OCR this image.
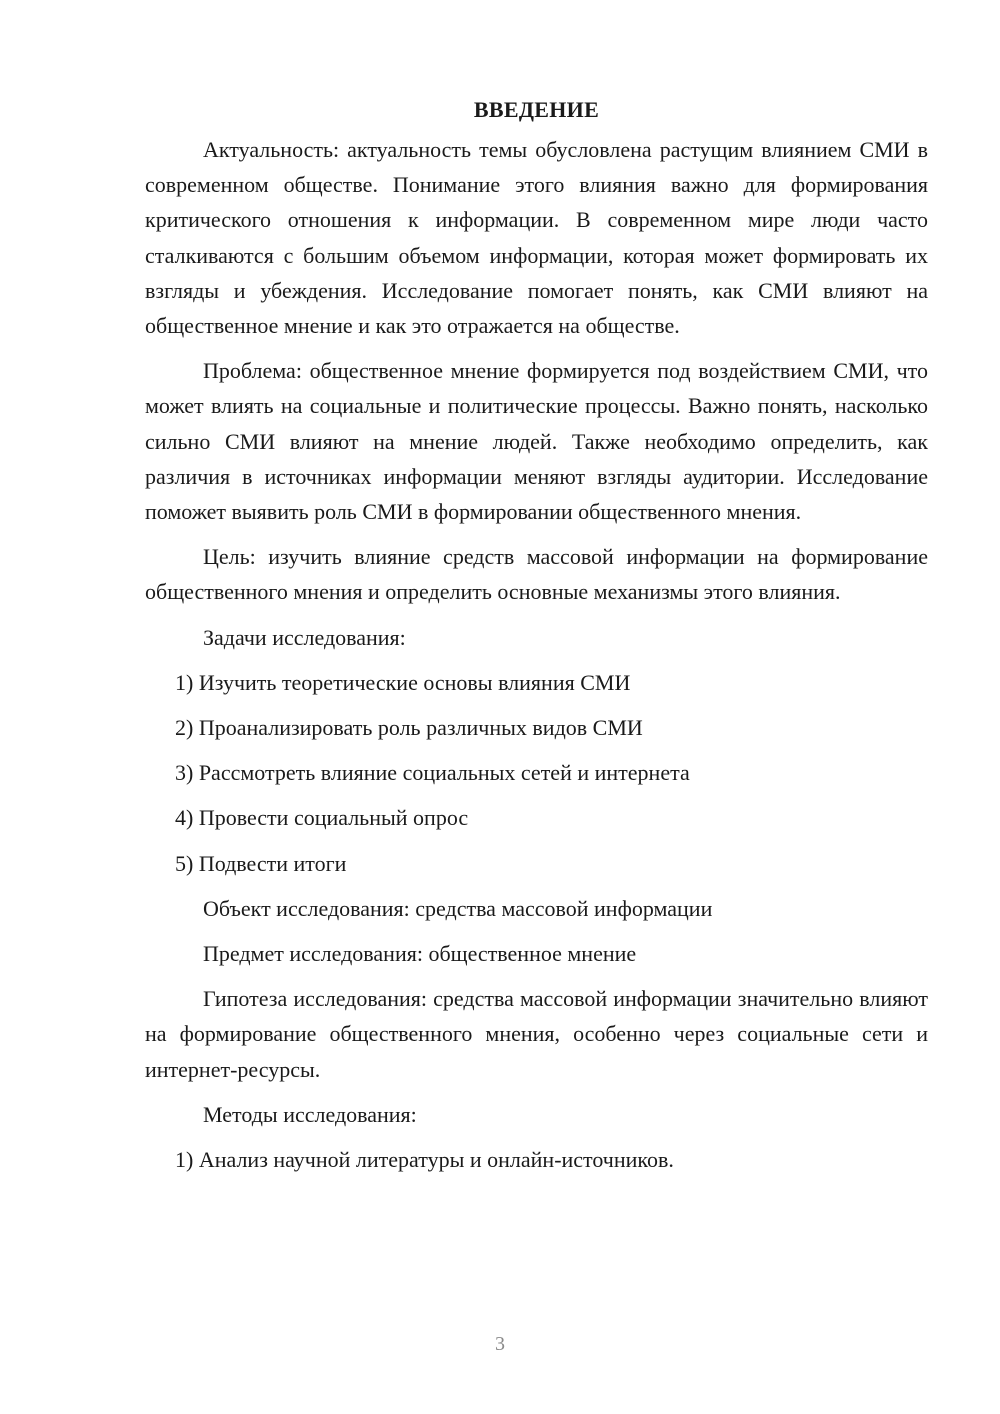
ВВЕДЕНИЕ

Актуальность: актуальность темы обусловлена растущим влиянием СМИ в современном обществе. Понимание этого влияния важно для формирования критического отношения к информации. В современном мире люди часто сталкиваются с большим объемом информации, которая может формировать их взгляды и убеждения. Исследование помогает понять, как СМИ влияют на общественное мнение и как это отражается на обществе.

Проблема: общественное мнение формируется под воздействием СМИ, что может влиять на социальные и политические процессы. Важно понять, насколько сильно СМИ влияют на мнение людей. Также необходимо определить, как различия в источниках информации меняют взгляды аудитории. Исследование поможет выявить роль СМИ в формировании общественного мнения.

Цель: изучить влияние средств массовой информации на формирование общественного мнения и определить основные механизмы этого влияния.

Задачи исследования:

1) Изучить теоретические основы влияния СМИ

2) Проанализировать роль различных видов СМИ

3) Рассмотреть влияние социальных сетей и интернета

4) Провести социальный опрос

5) Подвести итоги

Объект исследования: средства массовой информации

Предмет исследования: общественное мнение

Гипотеза исследования: средства массовой информации значительно влияют на формирование общественного мнения, особенно через социальные сети и интернет-ресурсы.

Методы исследования:

1) Анализ научной литературы и онлайн-источников.

3
